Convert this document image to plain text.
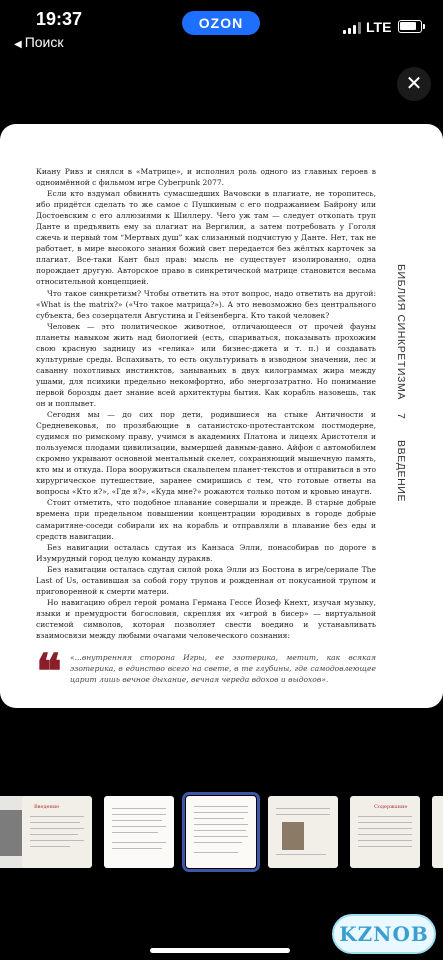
19:37	OZON	LTE
◀ Поиск
✕

Киану Ривз и снялся в «Матрице», и исполнил роль одного из главных героев в одноимённой с фильмом игре Cyberpunk 2077.

Если кто вздумал обвинять сумасшедших Вачовски в плагиате, не торопитесь, ибо придётся сделать то же самое с Пушкиным с его подражанием Байрону или Достоевским с его аллюзиями к Шиллеру. Чего уж там — следует откопать труп Данте и предъявить ему за плагиат на Вергилия, а затем потребовать у Гоголя сжечь и первый том “Мертвых душ” как слизанный подчистую у Данте. Нет, так не работает, в мире высокого знания божий свет передается без жёлтых карточек за плагиат. Все-таки Кант был прав: мысль не существует изолированно, одна порождает другую. Авторское право в синкретической матрице становится весьма относительной концепцией.

Что такое синкретизм? Чтобы ответить на этот вопрос, надо ответить на другой: «What is the matrix?» («Что такое матрица?»). А это невозможно без центрального субъекта, без созерцателя Августина и Гейзенберга. Кто такой человек?

Человек — это политическое животное, отличающееся от прочей фауны планеты навыком жить над биологией (есть, спариваться, показывать прохожим свою красную задницу из «гелика» или бизнес-джета и т. п.) и создавать культурные среды. Вспахивать, то есть окультуривать в изводном значении, лес и саванну похотливых инстинктов, занываньих в двух килограммах жира между ушами, для психики предельно некомфортно, ибо энергозатратно. Но понимание первой борозды дает знание всей архитектуры бытия. Как корабль назовешь, так он и поплывет.

Сегодня мы — до сих пор дети, родившиеся на стыке Античности и Средневековья, по прозябающие в сатанистско-протестантском постмодерне, судимся по римскому праву, учимся в академиях Платона и лицеях Аристотеля и пользуемся плодами цивилизации, вымершей давным-давно. Айфон с автомобилем скромно укрывают основной ментальный скелет, сохраняющий мышечную память, кто мы и откуда. Пора вооружиться скальпелем планет-текстов и отправиться в это хирургическое путешествие, заранее смиришись с тем, что готовые ответы на вопросы «Кто я?», «Где я?», «Куда мне?» рожаются только потом и кровью инаугн.

Стоит отметить, что подобное плавание совершали и прежде. В старые добрые времена при предельном повышении концентрации юродивых в городе добрые самаритяне-соседи собирали их на корабль и отправляли в плавание без еды и средств навигации.

Без навигации осталась сдутая из Канзаса Элли, понасобирав по дороге в Изумрудный город целую команду дуракяв.

Без навигации осталась сдутая силой рока Элли из Бостона в игре/сериале The Last of Us, оставившая за собой гору трупов и рожденная от покусанной трупом и приговоренной к смерти матери.

Но навигацию обрел герой романа Германа Гессе Йозеф Кнехт, изучая музыку, языки и премудрости богословия, скрепляя их «игрой в бисер» — виртуальной системой символов, которая позволяет свести воедино и устанавливать взаимосвязи между любыми очагами человеческого сознания:

❝ «...внутренняя сторона Игры, ее эзотерика, метит, как всякая эзотерика, в единство всего на свете, в те глубины, где самодовлеющее царит лишь вечное дыхание, вечная череда вдохов и выдохов».
БИБЛИЯ СИНКРЕТИЗМА
7
ВВЕДЕНИЕ
Введение	Содержание
KZNOB
